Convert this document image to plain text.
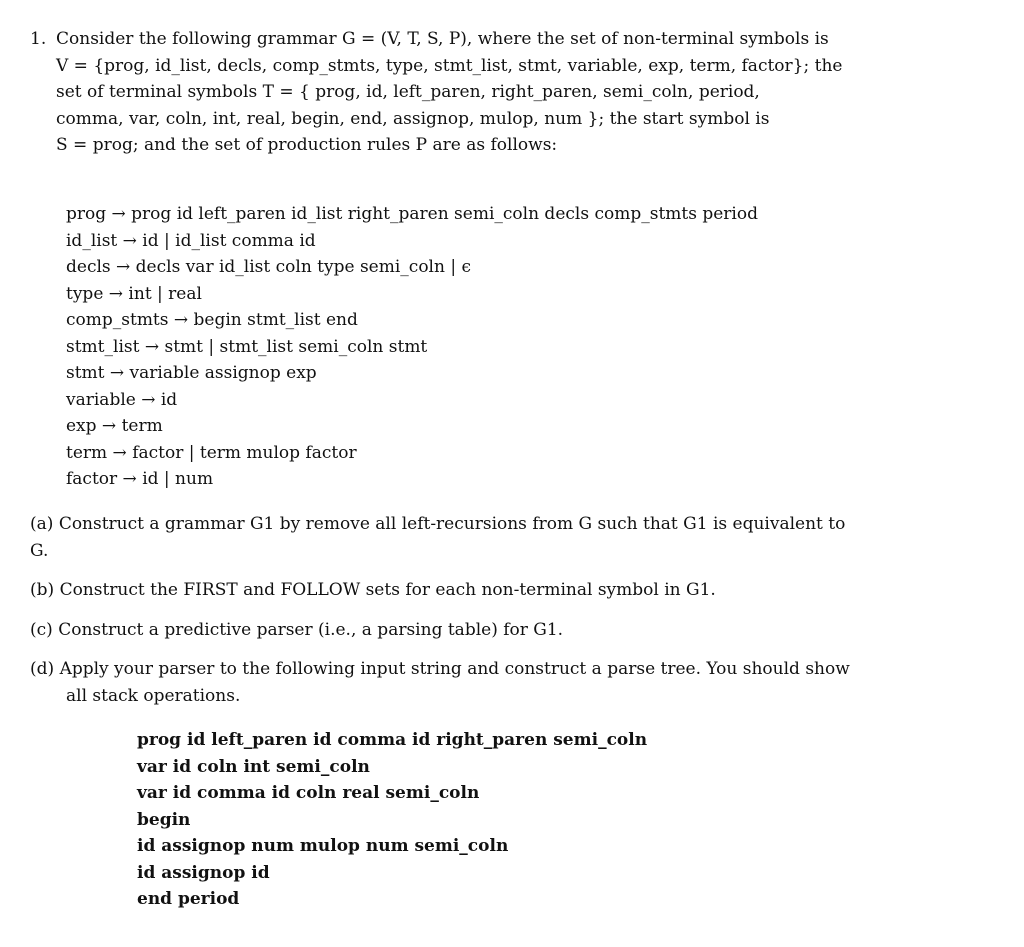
1. Consider the following grammar G = (V, T, S, P), where the set of non-terminal symbols is
V = {prog, id_list, decls, comp_stmts, type, stmt_list, stmt, variable, exp, term, factor}; the
set of terminal symbols T = { prog, id, left_paren, right_paren, semi_coln, period,
comma, var, coln, int, real, begin, end, assignop, mulop, num }; the start symbol is
S = prog; and the set of production rules P are as follows:
prog → prog id left_paren id_list right_paren semi_coln decls comp_stmts period
id_list → id | id_list comma id
decls → decls var id_list coln type semi_coln | ϵ
type → int | real
comp_stmts → begin stmt_list end
stmt_list → stmt | stmt_list semi_coln stmt
stmt → variable assignop exp
variable → id
exp → term
term → factor | term mulop factor
factor → id | num
(a) Construct a grammar G1 by remove all left-recursions from G such that G1 is equivalent to G.
(b) Construct the FIRST and FOLLOW sets for each non-terminal symbol in G1.
(c) Construct a predictive parser (i.e., a parsing table) for G1.
(d) Apply your parser to the following input string and construct a parse tree. You should show
all stack operations.
prog id left_paren id comma id right_paren semi_coln
var id coln int semi_coln
var id comma id coln real semi_coln
begin
id assignop num mulop num semi_coln
id assignop id
end period
